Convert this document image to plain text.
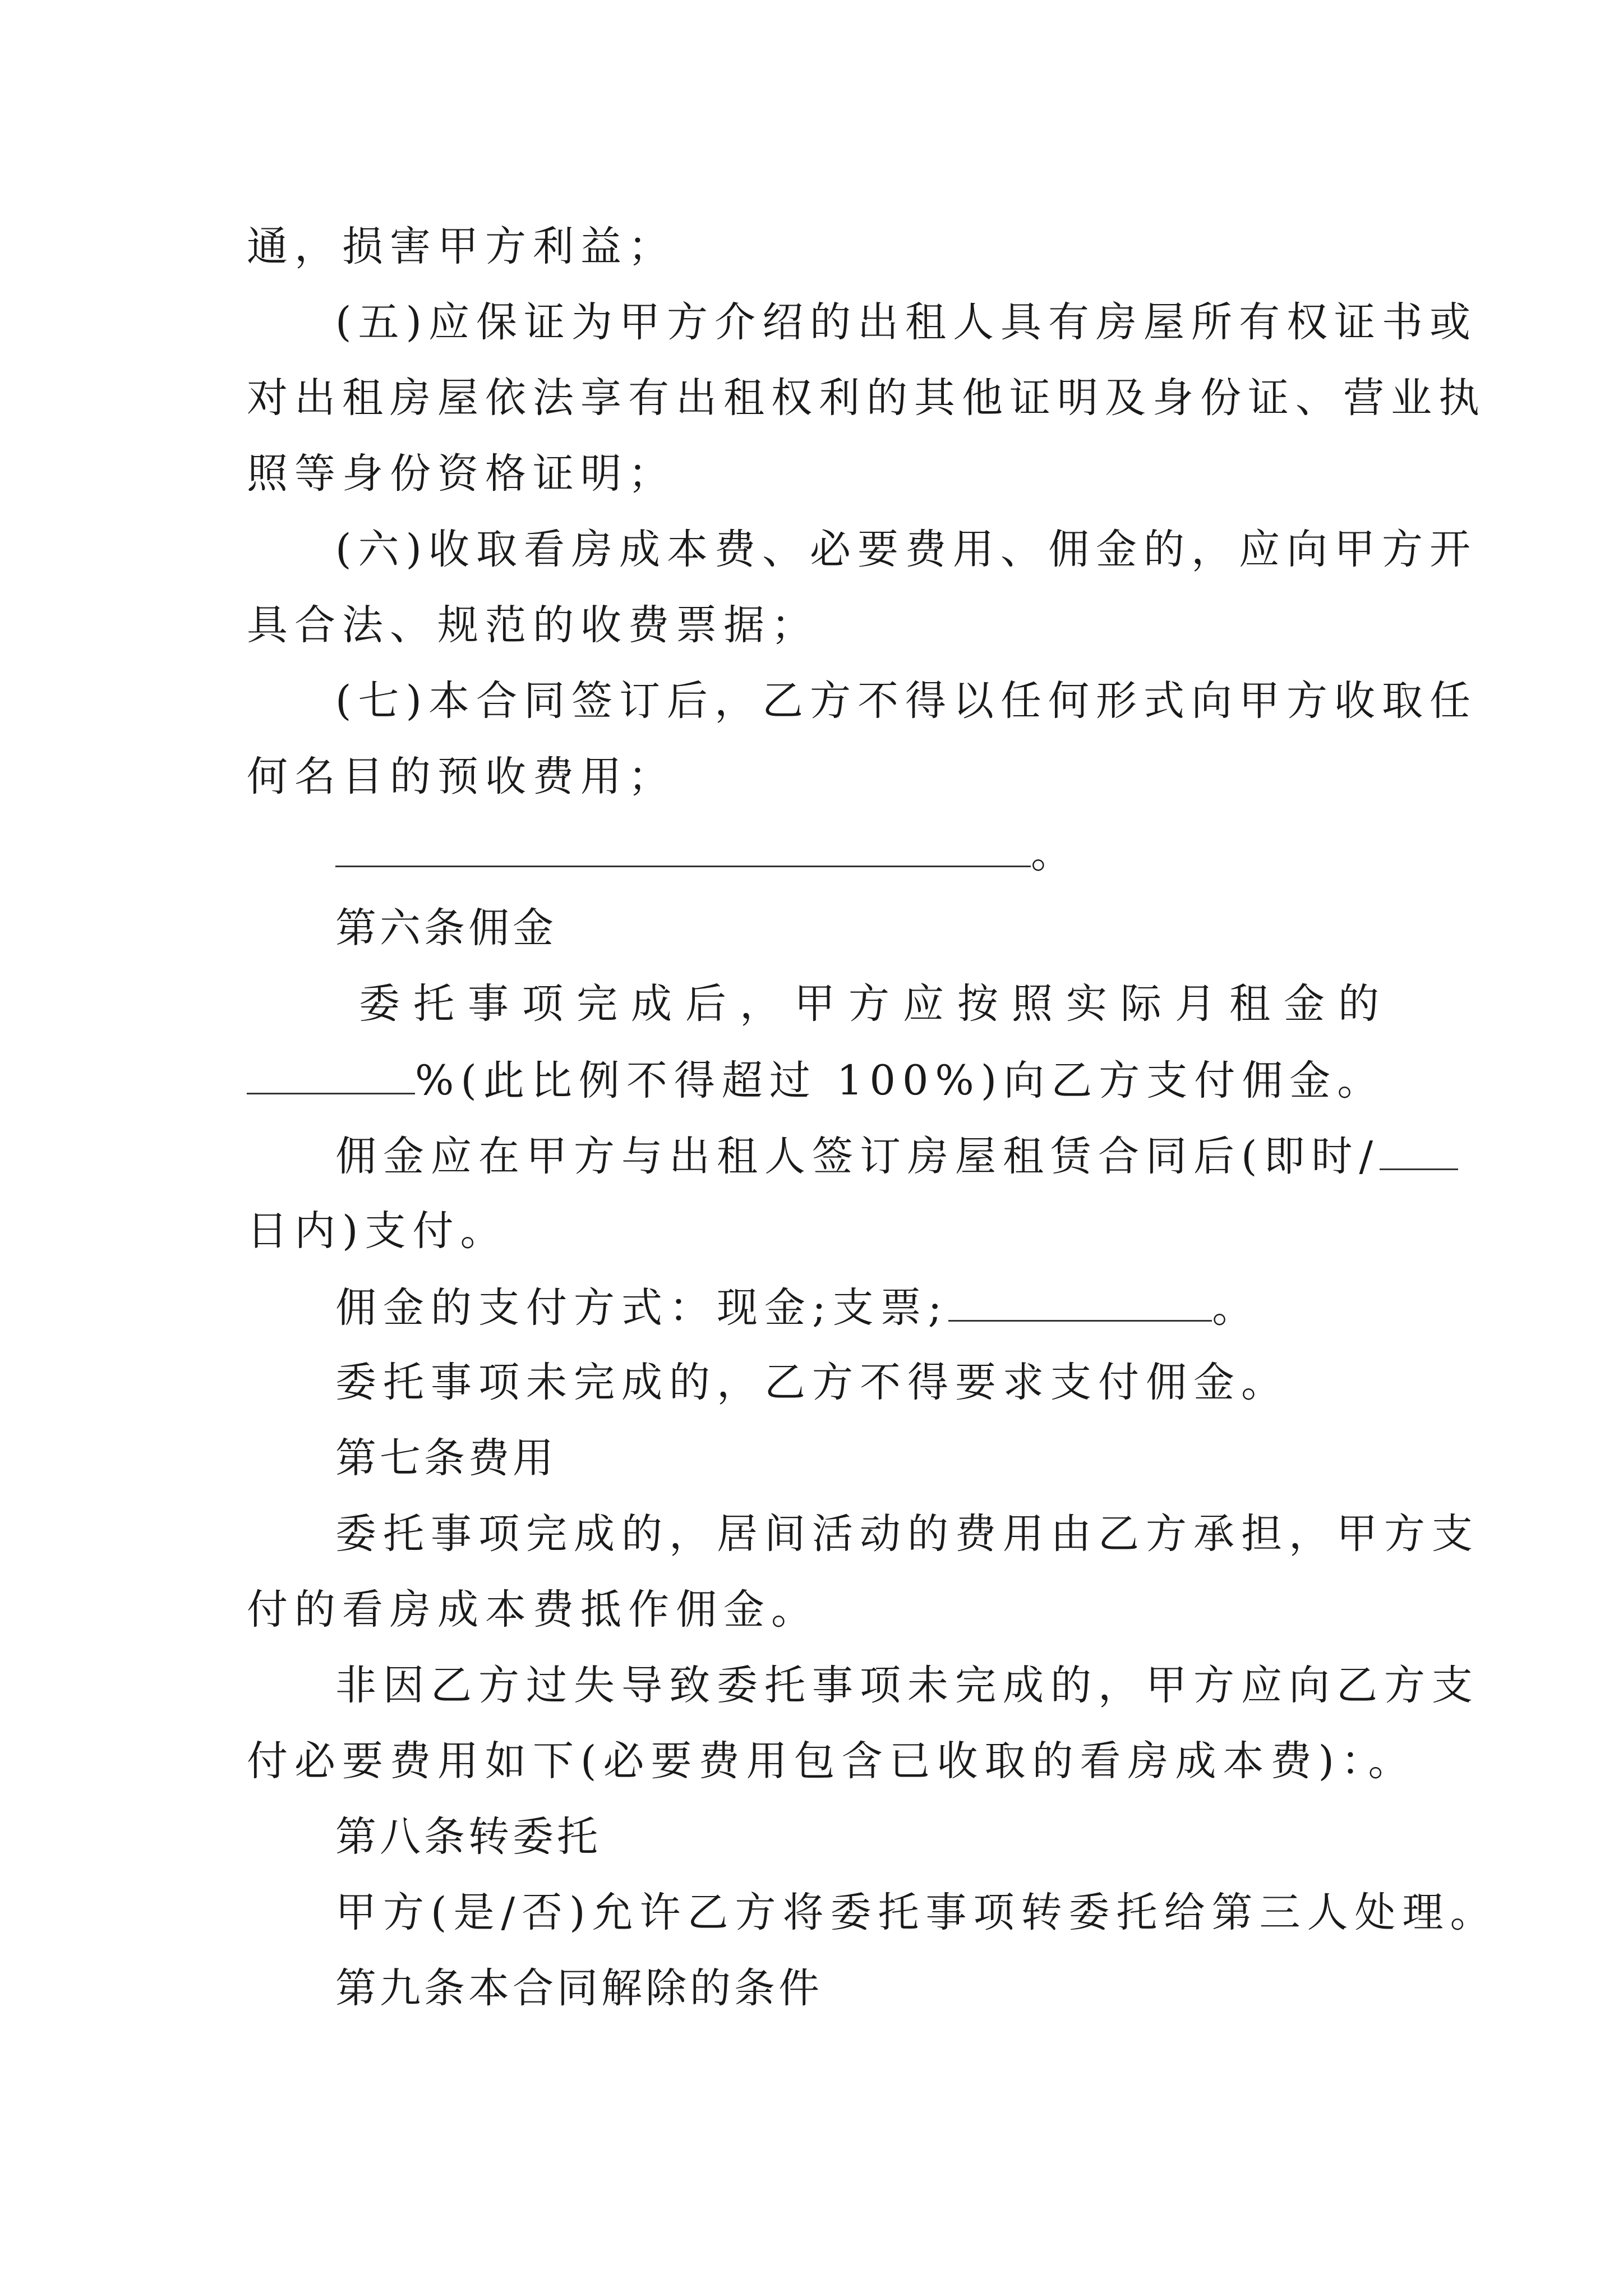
通，损害甲方利益；
(五)应保证为甲方介绍的出租人具有房屋所有权证书或
对出租房屋依法享有出租权利的其他证明及身份证、营业执
照等身份资格证明；
(六)收取看房成本费、必要费用、佣金的，应向甲方开
具合法、规范的收费票据；
(七)本合同签订后，乙方不得以任何形式向甲方收取任
何名目的预收费用；
。
第六条佣金
委托事项完成后，甲方应按照实际月租金的
%(此比例不得超过 100%)向乙方支付佣金。
佣金应在甲方与出租人签订房屋租赁合同后(即时/
日内)支付。
佣金的支付方式：现金;支票;	。
委托事项未完成的，乙方不得要求支付佣金。
第七条费用
委托事项完成的，居间活动的费用由乙方承担，甲方支
付的看房成本费抵作佣金。
非因乙方过失导致委托事项未完成的，甲方应向乙方支
付必要费用如下(必要费用包含已收取的看房成本费)：。
第八条转委托
甲方(是/否)允许乙方将委托事项转委托给第三人处理。
第九条本合同解除的条件
